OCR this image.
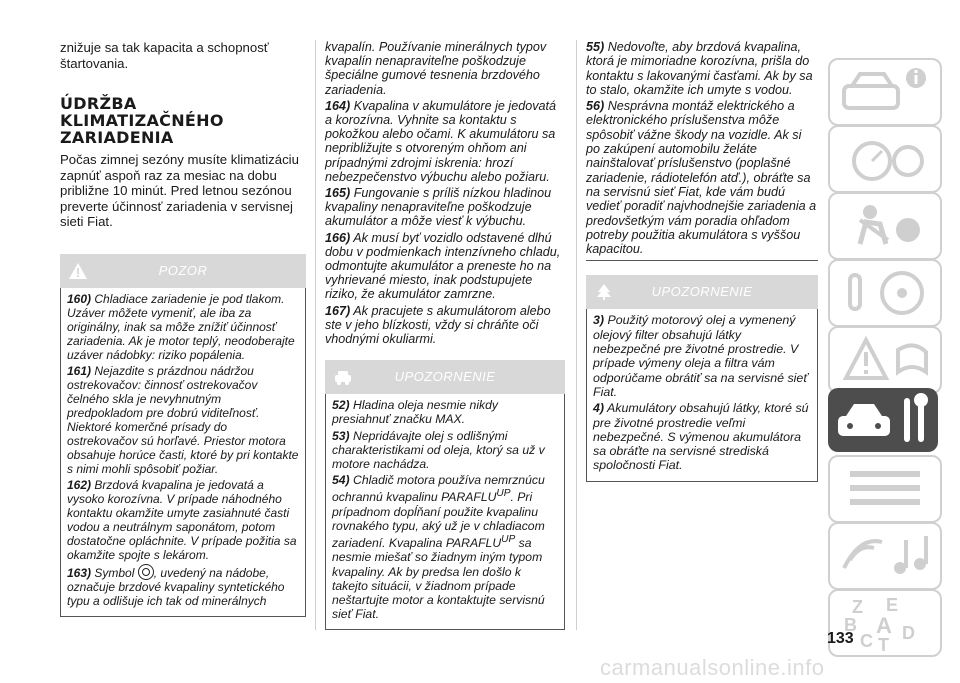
znižuje sa tak kapacita a schopnosť štartovania.

ÚDRŽBA
KLIMATIZAČNÉHO
ZARIADENIA

Počas zimnej sezóny musíte klimatizáciu zapnúť aspoň raz za mesiac na dobu približne 10 minút. Pred letnou sezónou preverte účinnosť zariadenia v servisnej sieti Fiat.

POZOR

160) Chladiace zariadenie je pod tlakom. Uzáver môžete vymeniť, ale iba za originálny, inak sa môže znížiť účinnosť zariadenia. Ak je motor teplý, neodoberajte uzáver nádobky: riziko popálenia.

161) Nejazdite s prázdnou nádržou ostrekovačov: činnosť ostrekovačov čelného skla je nevyhnutným predpokladom pre dobrú viditeľnosť. Niektoré komerčné prísady do ostrekovačov sú horľavé. Priestor motora obsahuje horúce časti, ktoré by pri kontakte s nimi mohli spôsobiť požiar.

162) Brzdová kvapalina je jedovatá a vysoko korozívna. V prípade náhodného kontaktu okamžite umyte zasiahnuté časti vodou a neutrálnym saponátom, potom dostatočne opláchnite. V prípade požitia sa okamžite spojte s lekárom.

163) Symbol , uvedený na nádobe, označuje brzdové kvapaliny syntetického typu a odlišuje ich tak od minerálnych

kvapalín. Používanie minerálnych typov kvapalín nenapraviteľne poškodzuje špeciálne gumové tesnenia brzdového zariadenia.

164) Kvapalina v akumulátore je jedovatá a korozívna. Vyhnite sa kontaktu s pokožkou alebo očami. K akumulátoru sa nepribližujte s otvoreným ohňom ani prípadnými zdrojmi iskrenia: hrozí nebezpečenstvo výbuchu alebo požiaru.

165) Fungovanie s príliš nízkou hladinou kvapaliny nenapraviteľne poškodzuje akumulátor a môže viesť k výbuchu.

166) Ak musí byť vozidlo odstavené dlhú dobu v podmienkach intenzívneho chladu, odmontujte akumulátor a preneste ho na vyhrievané miesto, inak podstupujete riziko, že akumulátor zamrzne.

167) Ak pracujete s akumulátorom alebo ste v jeho blízkosti, vždy si chráňte oči vhodnými okuliarmi.

UPOZORNENIE

52) Hladina oleja nesmie nikdy presiahnuť značku MAX.

53) Nepridávajte olej s odlišnými charakteristikami od oleja, ktorý sa už v motore nachádza.

54) Chladič motora používa nemrznúcu ochrannú kvapalinu $PARAFLU^{UP}$. Pri prípadnom dopĺňaní použite kvapalinu rovnakého typu, aký už je v chladiacom zariadení. Kvapalina $PARAFLU^{UP}$ sa nesmie miešať so žiadnym iným typom kvapaliny. Ak by predsa len došlo k takejto situácii, v žiadnom prípade neštartujte motor a kontaktujte servisnú sieť Fiat.

55) Nedovoľte, aby brzdová kvapalina, ktorá je mimoriadne korozívna, prišla do kontaktu s lakovanými časťami. Ak by sa to stalo, okamžite ich umyte s vodou.

56) Nesprávna montáž elektrického a elektronického príslušenstva môže spôsobiť vážne škody na vozidle. Ak si po zakúpení automobilu želáte nainštalovať príslušenstvo (poplašné zariadenie, rádiotelefón atď.), obráťte sa na servisnú sieť Fiat, kde vám budú vedieť poradiť najvhodnejšie zariadenia a predovšetkým vám poradia ohľadom potreby použitia akumulátora s vyššou kapacitou.

UPOZORNENIE

3) Použitý motorový olej a vymenený olejový filter obsahujú látky nebezpečné pre životné prostredie. V prípade výmeny oleja a filtra vám odporúčame obrátiť sa na servisné sieť Fiat.

4) Akumulátory obsahujú látky, ktoré sú pre životné prostredie veľmi nebezpečné. S výmenou akumulátora sa obráťte na servisné strediská spoločnosti Fiat.

Z E
B A
C D
T
133
carmanualsonline.info
